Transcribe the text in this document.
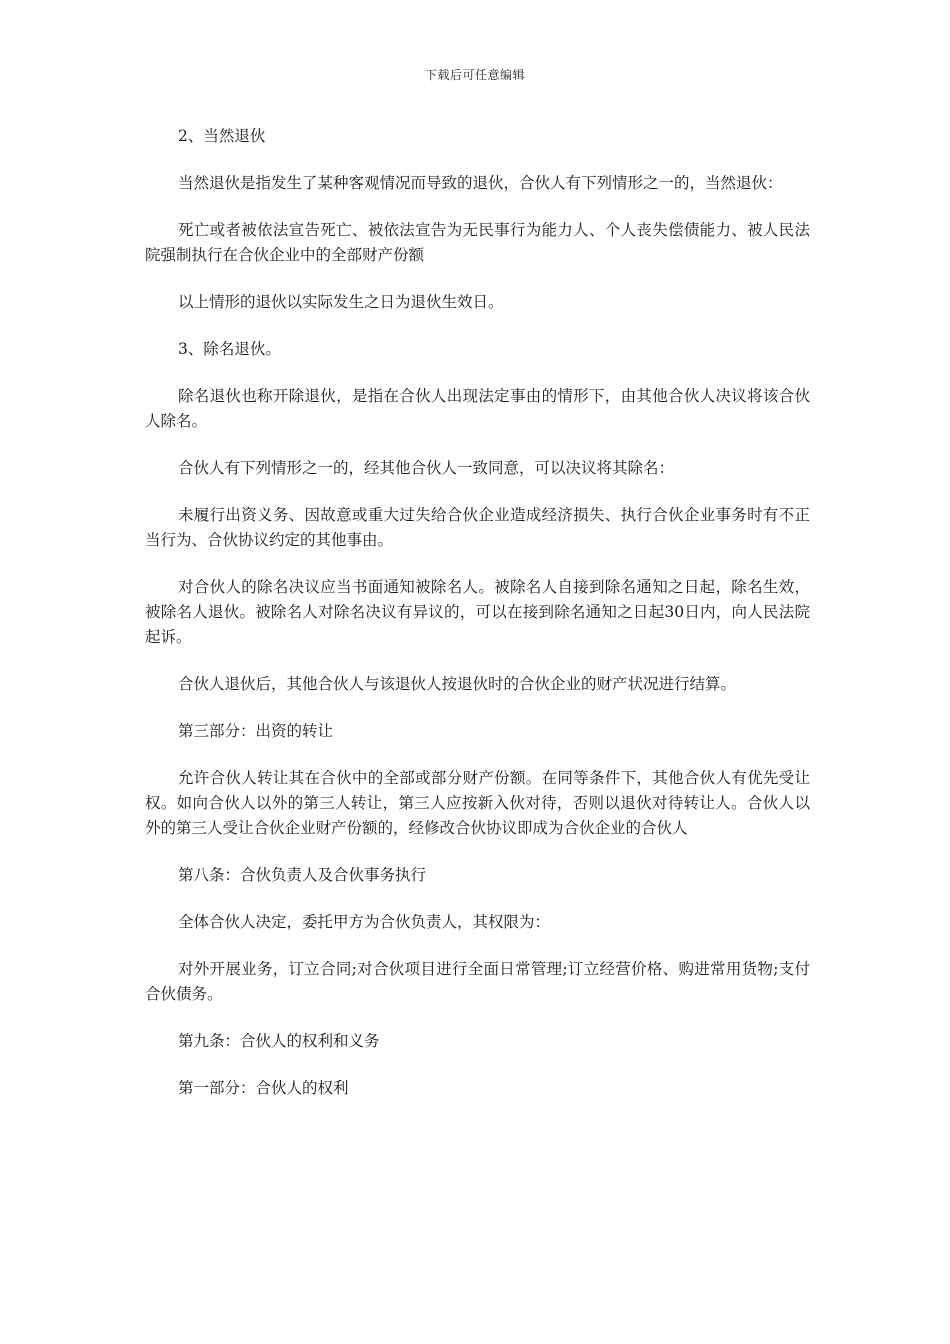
下载后可任意编辑

2、当然退伙

当然退伙是指发生了某种客观情况而导致的退伙，合伙人有下列情形之一的，当然退伙：

死亡或者被依法宣告死亡、被依法宣告为无民事行为能力人、个人丧失偿债能力、被人民法院强制执行在合伙企业中的全部财产份额

以上情形的退伙以实际发生之日为退伙生效日。

3、除名退伙。

除名退伙也称开除退伙，是指在合伙人出现法定事由的情形下，由其他合伙人决议将该合伙人除名。

合伙人有下列情形之一的，经其他合伙人一致同意，可以决议将其除名：

未履行出资义务、因故意或重大过失给合伙企业造成经济损失、执行合伙企业事务时有不正当行为、合伙协议约定的其他事由。

对合伙人的除名决议应当书面通知被除名人。被除名人自接到除名通知之日起，除名生效，被除名人退伙。被除名人对除名决议有异议的，可以在接到除名通知之日起30日内，向人民法院起诉。

合伙人退伙后，其他合伙人与该退伙人按退伙时的合伙企业的财产状况进行结算。

第三部分：出资的转让

允许合伙人转让其在合伙中的全部或部分财产份额。在同等条件下，其他合伙人有优先受让权。如向合伙人以外的第三人转让，第三人应按新入伙对待，否则以退伙对待转让人。合伙人以外的第三人受让合伙企业财产份额的，经修改合伙协议即成为合伙企业的合伙人

第八条：合伙负责人及合伙事务执行

全体合伙人决定，委托甲方为合伙负责人，其权限为：

对外开展业务，订立合同;对合伙项目进行全面日常管理;订立经营价格、购进常用货物;支付合伙债务。

第九条：合伙人的权利和义务

第一部分：合伙人的权利
